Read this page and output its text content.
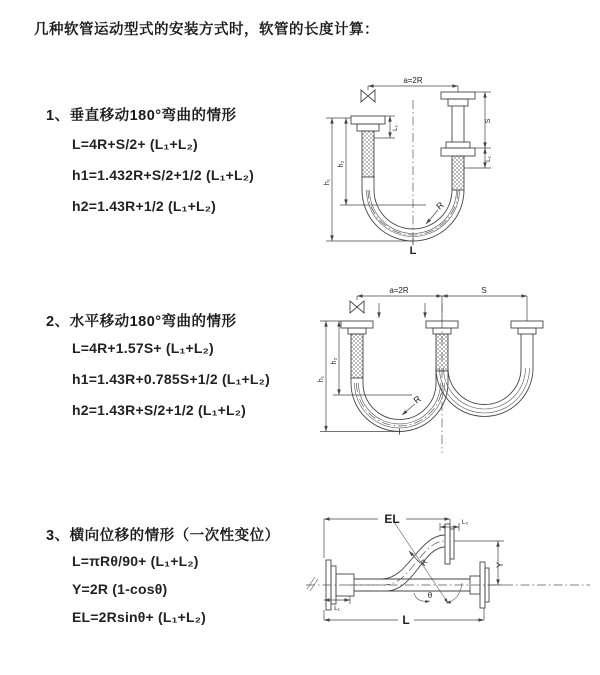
几种软管运动型式的安装方式时，软管的长度计算：
1、垂直移动180°弯曲的情形
L=4R+S/2+ (L₁+L₂)
h1=1.432R+S/2+1/2 (L₁+L₂)
h2=1.43R+1/2 (L₁+L₂)
2、水平移动180°弯曲的情形
L=4R+1.57S+ (L₁+L₂)
h1=1.43R+0.785S+1/2 (L₁+L₂)
h2=1.43R+S/2+1/2 (L₁+L₂)
3、横向位移的情形（一次性变位）
L=πRθ/90+ (L₁+L₂)
Y=2R (1-cosθ)
EL=2Rsinθ+ (L₁+L₂)
a=2R
h₂
h₁
L₁
S
L₁
R
L
a=2R	S
h₂
h₁
R
θ
R
EL	L₂
Y
L₁
L
